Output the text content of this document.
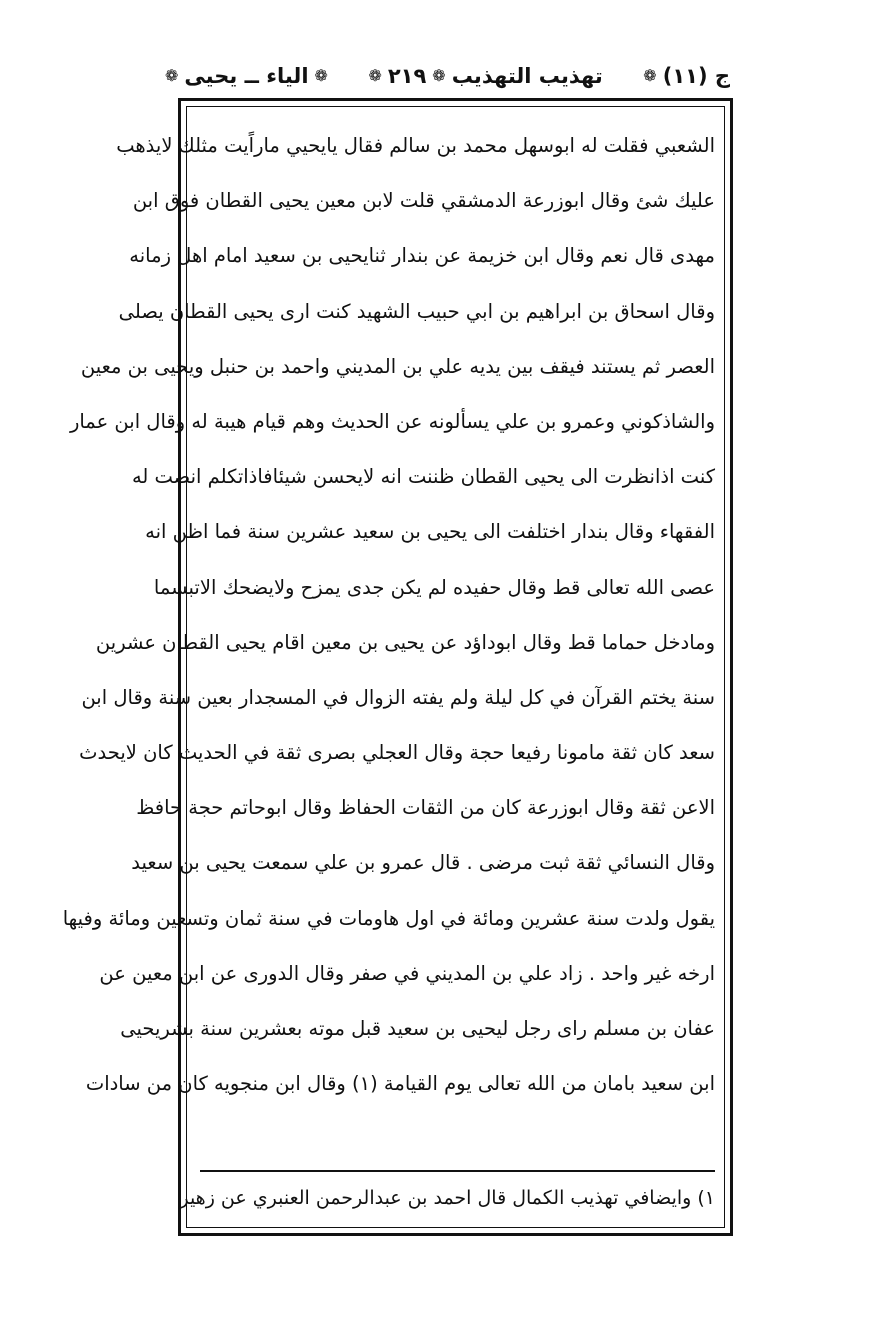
ج (١١)
❁
تهذيب التهذيب
❁
٢١٩
❁
❁
الياء ــ يحيى
❁
الشعبي فقلت له ابوسهل محمد بن سالم فقال يايحيي ماراًيت مثلك لايذهب
عليك شئ وقال ابوزرعة الدمشقي قلت لابن معين يحيى القطان فوق ابن
مهدى قال نعم وقال ابن خزيمة عن بندار ثنايحيى بن سعيد امام اهل زمانه
وقال اسحاق بن ابراهيم بن ابي حبيب الشهيد كنت ارى يحيى القطان يصلى
العصر ثم يستند فيقف بين يديه علي بن المديني واحمد بن حنبل ويحيى بن معين
والشاذكوني وعمرو بن علي يسألونه عن الحديث وهم قيام هيبة له وقال ابن عمار
كنت اذانظرت الى يحيى القطان ظننت انه لايحسن شيئافاذاتكلم انصت له
الفقهاء وقال بندار اختلفت الى يحيى بن سعيد عشرين سنة فما اظن انه
عصى الله تعالى قط وقال حفيده لم يكن جدى يمزح ولايضحك الاتبسما
ومادخل حماما قط وقال ابوداؤد عن يحيى بن معين اقام يحيى القطان عشرين
سنة يختم القرآن في كل ليلة ولم يفته الزوال في المسجدار بعين سنة وقال ابن
سعد كان ثقة مامونا رفيعا حجة وقال العجلي بصرى ثقة في الحديث كان لايحدث
الاعن ثقة وقال ابوزرعة كان من الثقات الحفاظ وقال ابوحاتم حجة حافظ
وقال النسائي ثقة ثبت مرضى . قال عمرو بن علي سمعت يحيى بن سعيد
يقول ولدت سنة عشرين ومائة في اول هاومات في سنة ثمان وتسعين ومائة وفيها
ارخه غير واحد . زاد علي بن المديني في صفر وقال الدورى عن ابن معين عن
عفان بن مسلم راى رجل ليحيى بن سعيد قبل موته بعشرين سنة بشريحيى
ابن سعيد بامان من الله تعالى يوم القيامة (١) وقال ابن منجويه كان من سادات
١) وايضافي تهذيب الكمال قال احمد بن عبدالرحمن العنبري عن زهير
